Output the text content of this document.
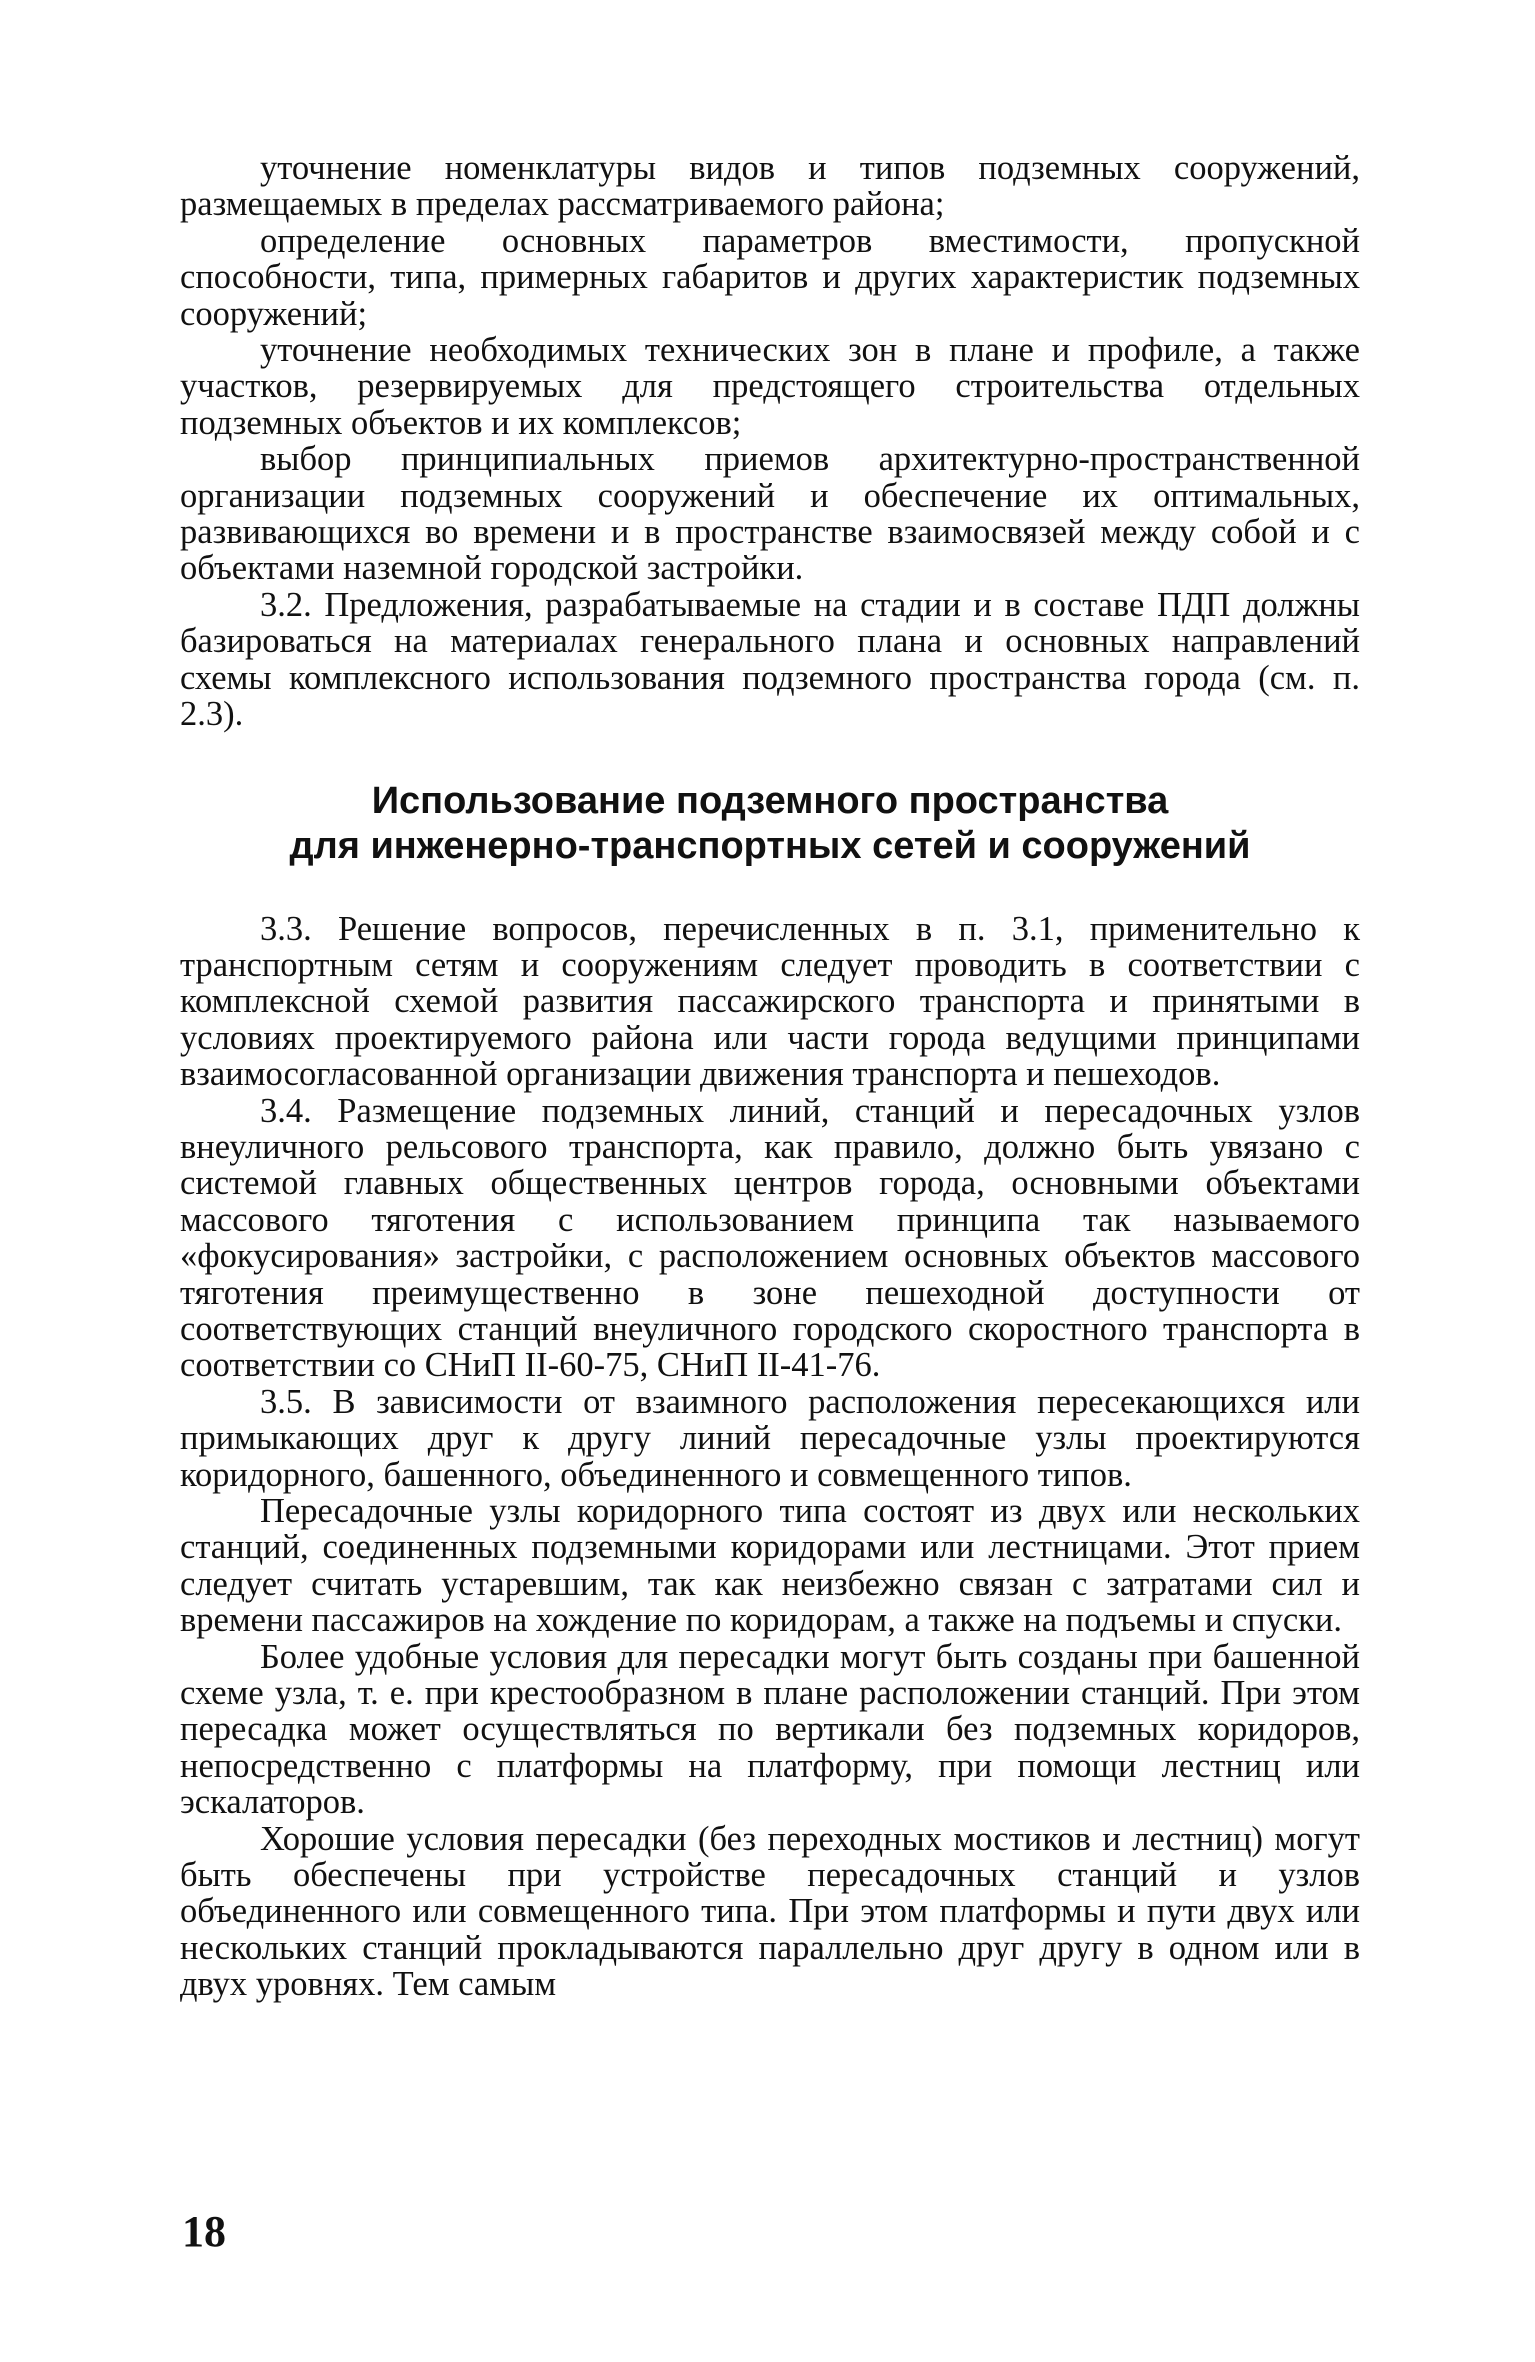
уточнение номенклатуры видов и типов подземных сооружений, размещаемых в пределах рассматриваемого района;

определение основных параметров вместимости, пропускной способности, типа, примерных габаритов и других характеристик подземных сооружений;

уточнение необходимых технических зон в плане и профиле, а также участков, резервируемых для предстоящего строительства отдельных подземных объектов и их комплексов;

выбор принципиальных приемов архитектурно-пространственной организации подземных сооружений и обеспечение их оптимальных, развивающихся во времени и в пространстве взаимосвязей между собой и с объектами наземной городской застройки.

3.2. Предложения, разрабатываемые на стадии и в составе ПДП должны базироваться на материалах генерального плана и основных направлений схемы комплексного использования подземного пространства города (см. п. 2.3).

Использование подземного пространства
для инженерно-транспортных сетей и сооружений

3.3. Решение вопросов, перечисленных в п. 3.1, применительно к транспортным сетям и сооружениям следует проводить в соответствии с комплексной схемой развития пассажирского транспорта и принятыми в условиях проектируемого района или части города ведущими принципами взаимосогласованной организации движения транспорта и пешеходов.

3.4. Размещение подземных линий, станций и пересадочных узлов внеуличного рельсового транспорта, как правило, должно быть увязано с системой главных общественных центров города, основными объектами массового тяготения с использованием принципа так называемого «фокусирования» застройки, с расположением основных объектов массового тяготения преимущественно в зоне пешеходной доступности от соответствующих станций внеуличного городского скоростного транспорта в соответствии со СНиП II-60-75, СНиП II-41-76.

3.5. В зависимости от взаимного расположения пересекающихся или примыкающих друг к другу линий пересадочные узлы проектируются коридорного, башенного, объединенного и совмещенного типов.

Пересадочные узлы коридорного типа состоят из двух или нескольких станций, соединенных подземными коридорами или лестницами. Этот прием следует считать устаревшим, так как неизбежно связан с затратами сил и времени пассажиров на хождение по коридорам, а также на подъемы и спуски.

Более удобные условия для пересадки могут быть созданы при башенной схеме узла, т. е. при крестообразном в плане расположении станций. При этом пересадка может осуществляться по вертикали без подземных коридоров, непосредственно с платформы на платформу, при помощи лестниц или эскалаторов.

Хорошие условия пересадки (без переходных мостиков и лестниц) могут быть обеспечены при устройстве пересадочных станций и узлов объединенного или совмещенного типа. При этом платформы и пути двух или нескольких станций прокладываются параллельно друг другу в одном или в двух уровнях. Тем самым

18
